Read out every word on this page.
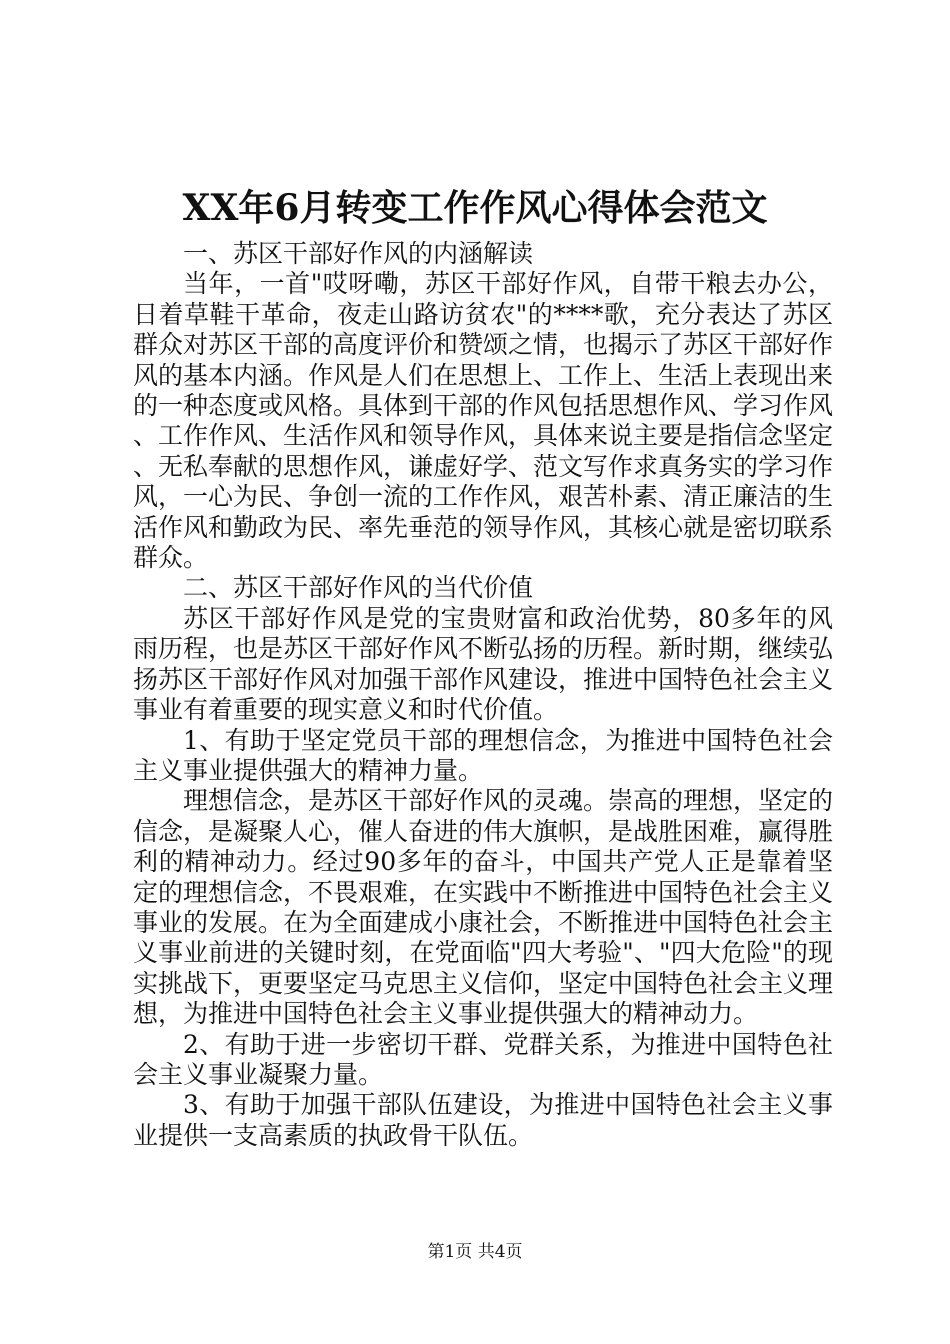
XX年6月转变工作作风心得体会范文

一、苏区干部好作风的内涵解读

当年，一首"哎呀嘞，苏区干部好作风，自带干粮去办公，日着草鞋干革命，夜走山路访贫农"的****歌，充分表达了苏区群众对苏区干部的高度评价和赞颂之情，也揭示了苏区干部好作风的基本内涵。作风是人们在思想上、工作上、生活上表现出来的一种态度或风格。具体到干部的作风包括思想作风、学习作风、工作作风、生活作风和领导作风，具体来说主要是指信念坚定、无私奉献的思想作风，谦虚好学、范文写作求真务实的学习作风，一心为民、争创一流的工作作风，艰苦朴素、清正廉洁的生活作风和勤政为民、率先垂范的领导作风，其核心就是密切联系群众。

二、苏区干部好作风的当代价值

苏区干部好作风是党的宝贵财富和政治优势，80多年的风雨历程，也是苏区干部好作风不断弘扬的历程。新时期，继续弘扬苏区干部好作风对加强干部作风建设，推进中国特色社会主义事业有着重要的现实意义和时代价值。

1、有助于坚定党员干部的理想信念，为推进中国特色社会主义事业提供强大的精神力量。

理想信念，是苏区干部好作风的灵魂。崇高的理想，坚定的信念，是凝聚人心，催人奋进的伟大旗帜，是战胜困难，赢得胜利的精神动力。经过90多年的奋斗，中国共产党人正是靠着坚定的理想信念，不畏艰难，在实践中不断推进中国特色社会主义事业的发展。在为全面建成小康社会，不断推进中国特色社会主义事业前进的关键时刻，在党面临"四大考验"、"四大危险"的现实挑战下，更要坚定马克思主义信仰，坚定中国特色社会主义理想，为推进中国特色社会主义事业提供强大的精神动力。

2、有助于进一步密切干群、党群关系，为推进中国特色社会主义事业凝聚力量。

3、有助于加强干部队伍建设，为推进中国特色社会主义事业提供一支高素质的执政骨干队伍。

第1页 共4页
